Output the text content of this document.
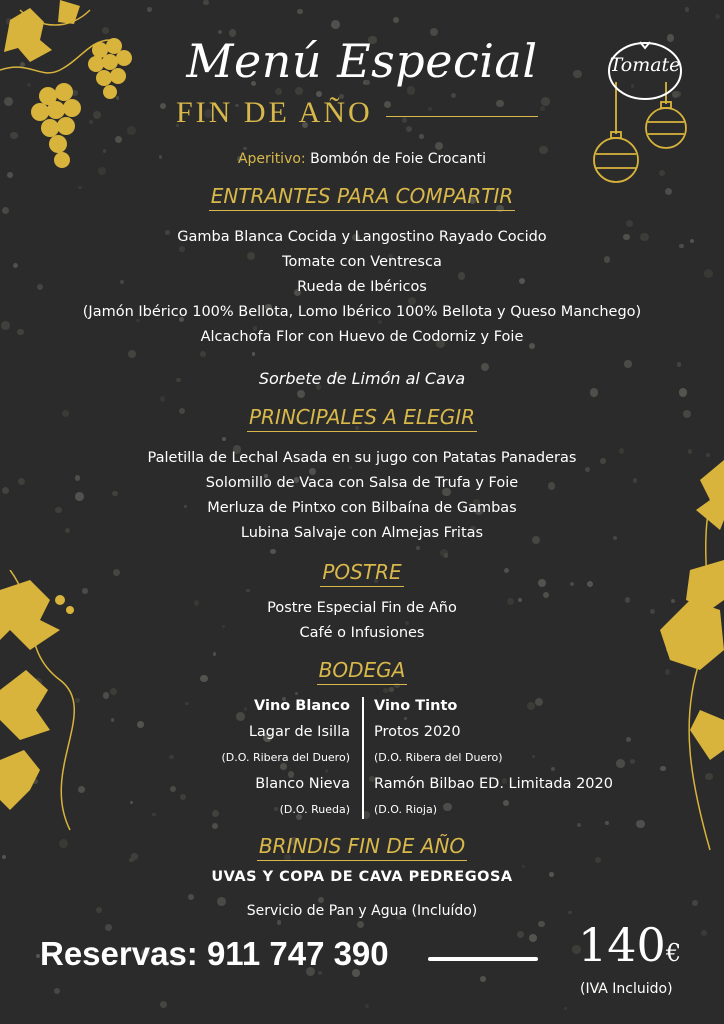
Tomate
Menú Especial
FIN DE AÑO
Aperitivo: Bombón de Foie Crocanti
ENTRANTES PARA COMPARTIR
Gamba Blanca Cocida y Langostino Rayado Cocido
Tomate con Ventresca
Rueda de Ibéricos
(Jamón Ibérico 100% Bellota, Lomo Ibérico 100% Bellota y Queso Manchego)
Alcachofa Flor con Huevo de Codorniz y Foie
Sorbete de Limón al Cava
PRINCIPALES A ELEGIR
Paletilla de Lechal Asada en su jugo con Patatas Panaderas
Solomillo de Vaca con Salsa de Trufa y Foie
Merluza de Pintxo con Bilbaína de Gambas
Lubina Salvaje con Almejas Fritas
POSTRE
Postre Especial Fin de Año
Café o Infusiones
BODEGA
Vino Blanco
Lagar de Isilla
(D.O. Ribera del Duero)
Blanco Nieva
(D.O. Rueda)
Vino Tinto
Protos 2020
(D.O. Ribera del Duero)
Ramón Bilbao ED. Limitada 2020
(D.O. Rioja)
BRINDIS FIN DE AÑO
UVAS Y COPA DE CAVA PEDREGOSA
Servicio de Pan y Agua (Incluído)
Reservas: 911 747 390	140€
(IVA Incluido)
